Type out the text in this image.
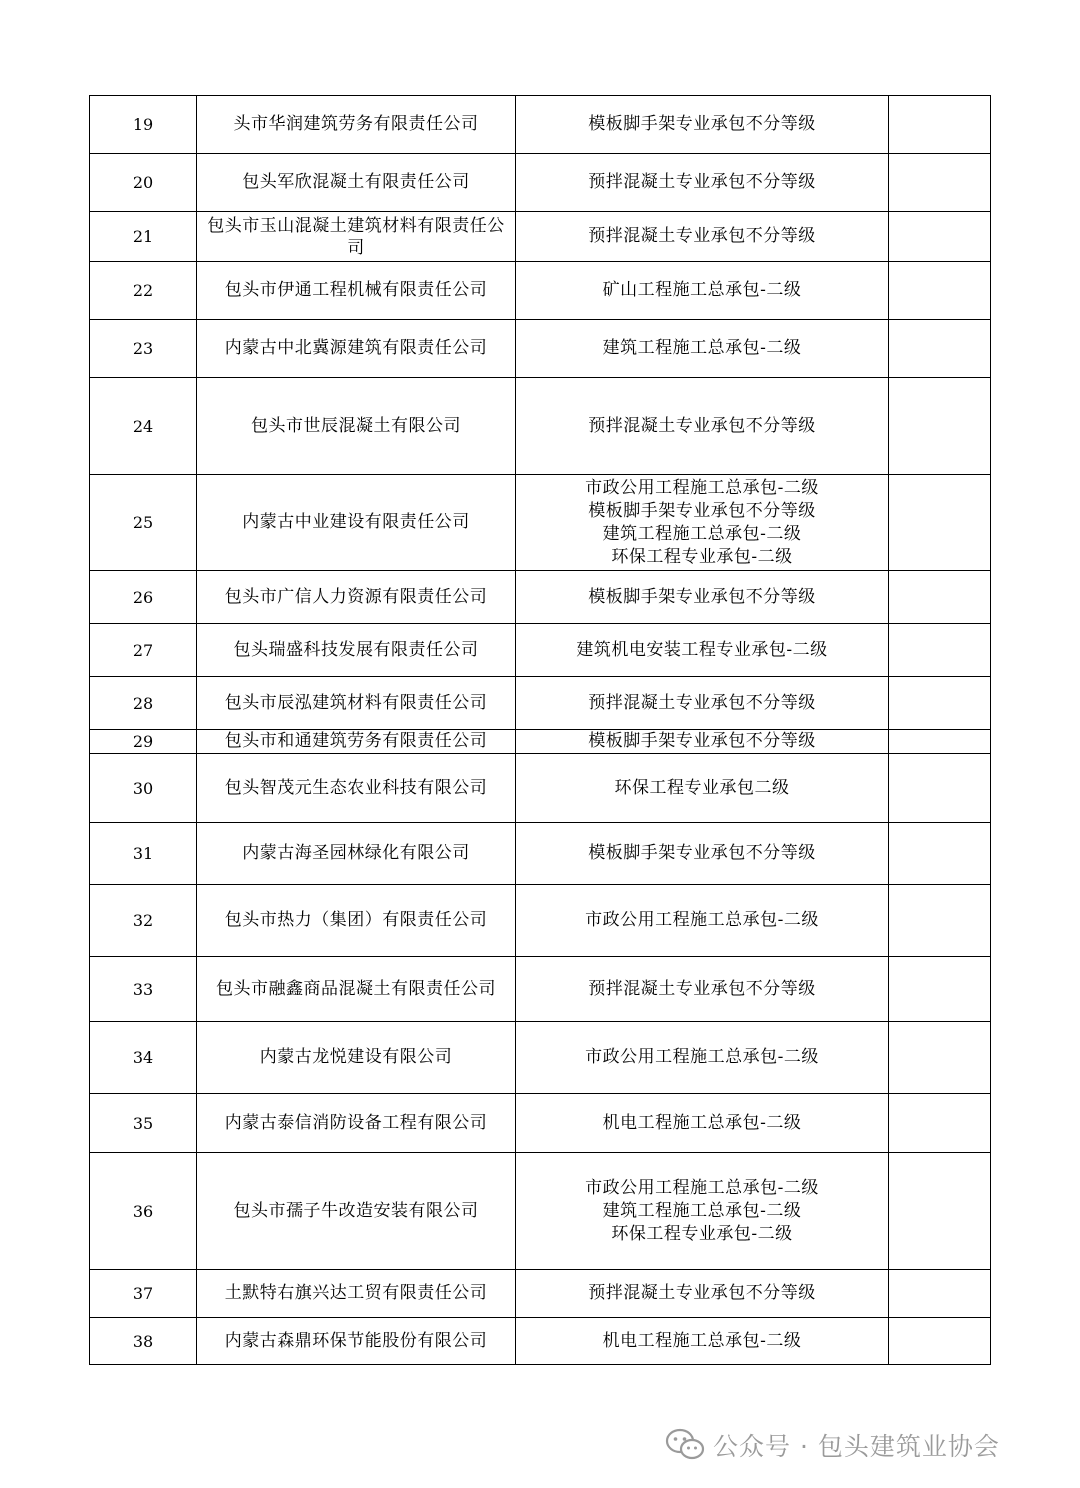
19	头市华润建筑劳务有限责任公司	模板脚手架专业承包不分等级	

20	包头军欣混凝土有限责任公司	预拌混凝土专业承包不分等级	

21	包头市玉山混凝土建筑材料有限责任公司	预拌混凝土专业承包不分等级	

22	包头市伊通工程机械有限责任公司	矿山工程施工总承包-二级	

23	内蒙古中北冀源建筑有限责任公司	建筑工程施工总承包-二级	

24	包头市世辰混凝土有限公司	预拌混凝土专业承包不分等级	

25	内蒙古中业建设有限责任公司	市政公用工程施工总承包-二级
模板脚手架专业承包不分等级
建筑工程施工总承包-二级
环保工程专业承包-二级	

26	包头市广信人力资源有限责任公司	模板脚手架专业承包不分等级	

27	包头瑞盛科技发展有限责任公司	建筑机电安装工程专业承包-二级	

28	包头市辰泓建筑材料有限责任公司	预拌混凝土专业承包不分等级	

29	包头市和通建筑劳务有限责任公司	模板脚手架专业承包不分等级	

30	包头智茂元生态农业科技有限公司	环保工程专业承包二级	

31	内蒙古海圣园林绿化有限公司	模板脚手架专业承包不分等级	

32	包头市热力（集团）有限责任公司	市政公用工程施工总承包-二级	

33	包头市融鑫商品混凝土有限责任公司	预拌混凝土专业承包不分等级	

34	内蒙古龙悦建设有限公司	市政公用工程施工总承包-二级	

35	内蒙古泰信消防设备工程有限公司	机电工程施工总承包-二级	

36	包头市孺子牛改造安装有限公司	市政公用工程施工总承包-二级
建筑工程施工总承包-二级
环保工程专业承包-二级	

37	土默特右旗兴达工贸有限责任公司	预拌混凝土专业承包不分等级	

38	内蒙古森鼎环保节能股份有限公司	机电工程施工总承包-二级	

公众号 · 包头建筑业协会
